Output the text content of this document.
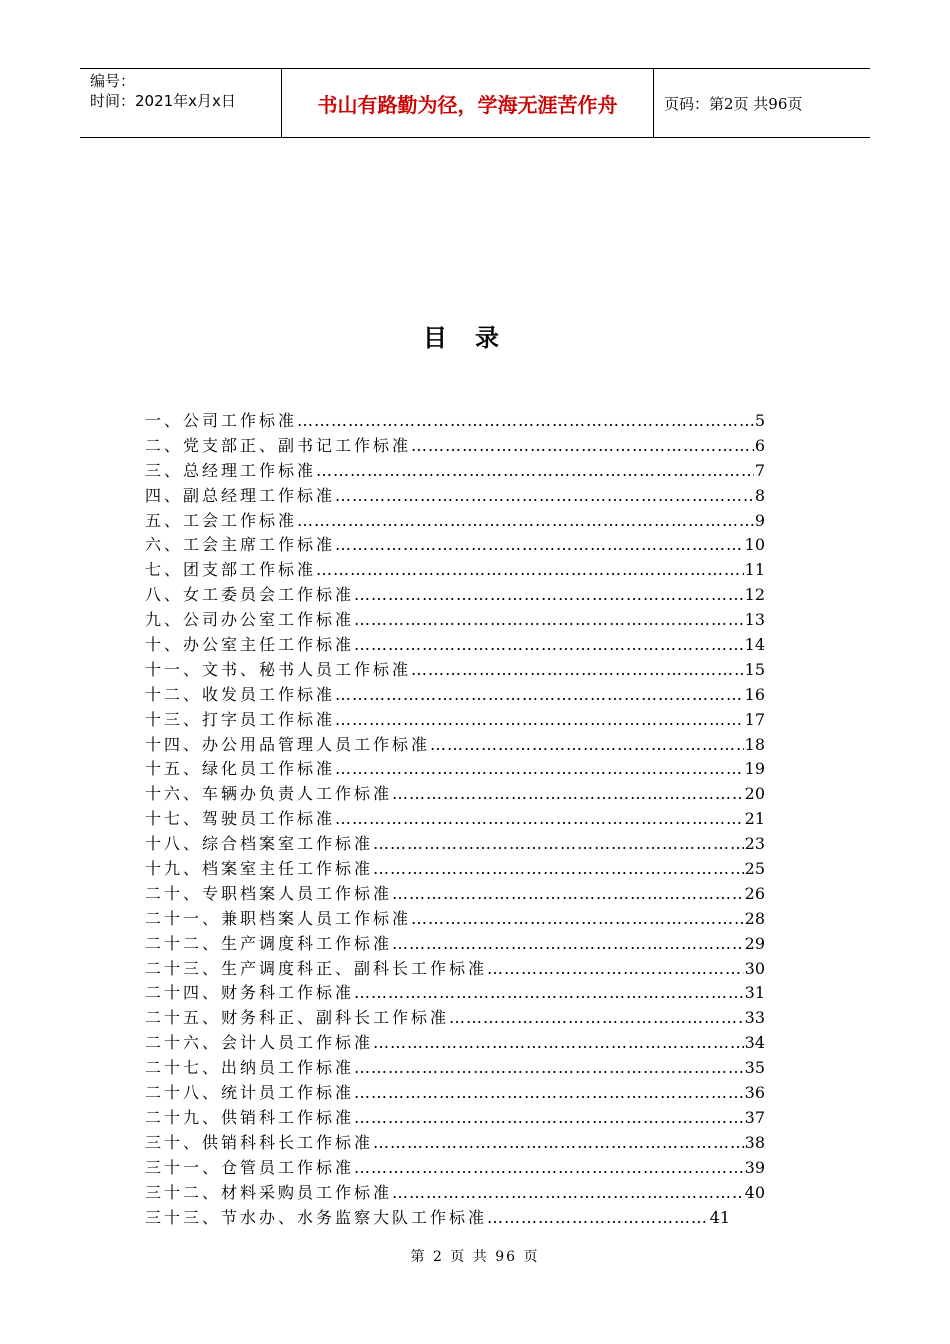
编号：
时间：2021年x月x日	书山有路勤为径，学海无涯苦作舟	页码：第2页 共96页
目录
一、公司工作标准 ……………………………………………………………………………………………………………………………	5
二、党支部正、副书记工作标准 ……………………………………………………………………………………………………………………………	6
三、总经理工作标准 ……………………………………………………………………………………………………………………………	7
四、副总经理工作标准 ……………………………………………………………………………………………………………………………	8
五、工会工作标准 ……………………………………………………………………………………………………………………………	9
六、工会主席工作标准 ……………………………………………………………………………………………………………………………	10
七、团支部工作标准 ……………………………………………………………………………………………………………………………	11
八、女工委员会工作标准 ……………………………………………………………………………………………………………………………	12
九、公司办公室工作标准 ……………………………………………………………………………………………………………………………	13
十、办公室主任工作标准 ……………………………………………………………………………………………………………………………	14
十一、文书、秘书人员工作标准 ……………………………………………………………………………………………………………………………	15
十二、收发员工作标准 ……………………………………………………………………………………………………………………………	16
十三、打字员工作标准 ……………………………………………………………………………………………………………………………	17
十四、办公用品管理人员工作标准 ……………………………………………………………………………………………………………………………	18
十五、绿化员工作标准 ……………………………………………………………………………………………………………………………	19
十六、车辆办负责人工作标准 ……………………………………………………………………………………………………………………………	20
十七、驾驶员工作标准 ……………………………………………………………………………………………………………………………	21
十八、综合档案室工作标准 ……………………………………………………………………………………………………………………………	23
十九、档案室主任工作标准 ……………………………………………………………………………………………………………………………	25
二十、专职档案人员工作标准 ……………………………………………………………………………………………………………………………	26
二十一、兼职档案人员工作标准 ……………………………………………………………………………………………………………………………	28
二十二、生产调度科工作标准 ……………………………………………………………………………………………………………………………	29
二十三、生产调度科正、副科长工作标准 ……………………………………………………………………………………………………………………………	30
二十四、财务科工作标准 ……………………………………………………………………………………………………………………………	31
二十五、财务科正、副科长工作标准 ……………………………………………………………………………………………………………………………	33
二十六、会计人员工作标准 ……………………………………………………………………………………………………………………………	34
二十七、出纳员工作标准 ……………………………………………………………………………………………………………………………	35
二十八、统计员工作标准 ……………………………………………………………………………………………………………………………	36
二十九、供销科工作标准 ……………………………………………………………………………………………………………………………	37
三十、供销科科长工作标准 ……………………………………………………………………………………………………………………………	38
三十一、仓管员工作标准 ……………………………………………………………………………………………………………………………	39
三十二、材料采购员工作标准 ……………………………………………………………………………………………………………………………	40
三十三、节水办、水务监察大队工作标准 ……………………………………………………………………………………………………………………………	41
第 2 页 共 96 页
